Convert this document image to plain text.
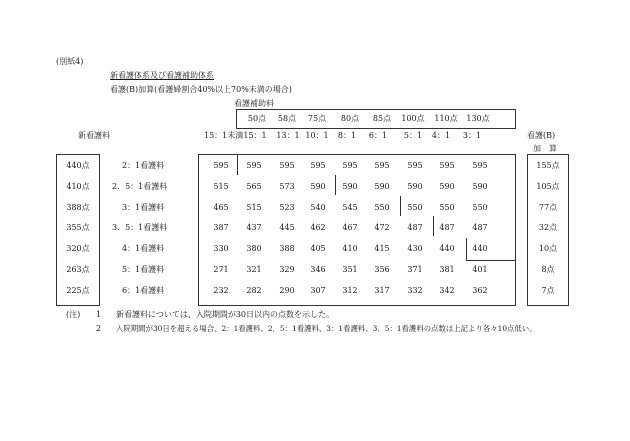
(別紙4)
新看護体系及び看護補助体系
看護(B)加算(看護婦割合40%以上70%未満の場合)
看護補助料
50点	58点	75点	80点	85点	100点	110点	130点
新看護料	15：1未満 15：1	13：1 10：1	8：1	6：1	5：1	4：1	3：1	看護(B)
加　算
440点	2：1看護料	595	595	595	595	595	595	595	595	595	155点
410点	2．5：1看護料	515	565	573	590	590	590	590	590	590	105点
388点	3：1看護料	465	515	523	540	545	550	550	550	550	77点
355点	3．5：1看護料	387	437	445	462	467	472	487	487	487	32点
320点	4：1看護料	330	380	388	405	410	415	430	440	440	10点
263点	5：1看護料	271	321	329	346	351	356	371	381	401	8点
225点	6：1看護料	232	282	290	307	312	317	332	342	362	7点
(注) 1 新看護料については、入院期間が30日以内の点数を示した。
2 入院期間が30日を超える場合、2：1看護料、2．5：1看護料、3：1看護料、3．5：1看護料の点数は上記より各々10点低い。
